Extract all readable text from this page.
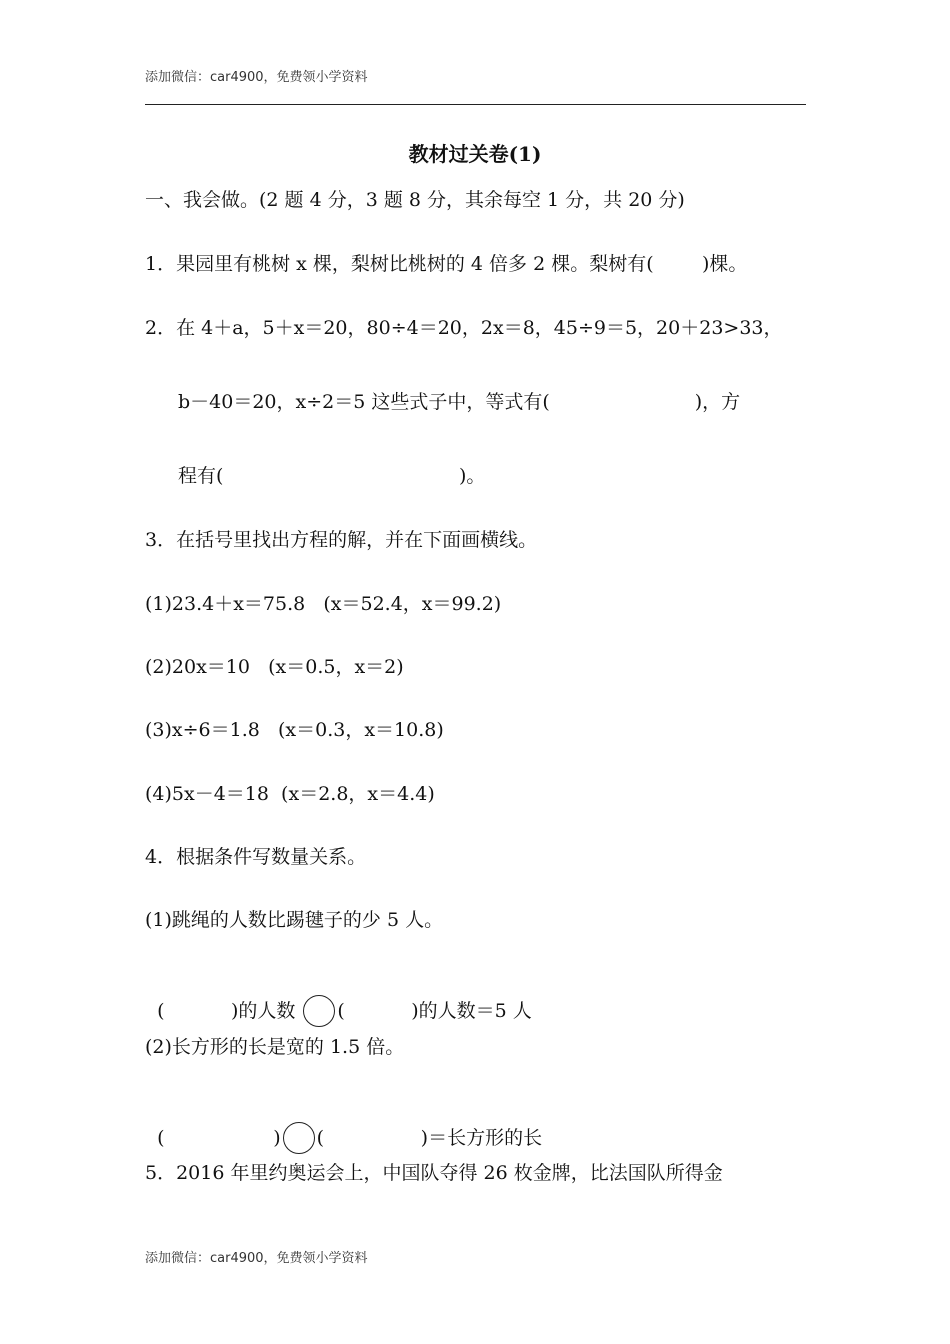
添加微信：car4900，免费领小学资料
教材过关卷(1)
一、我会做。(2 题 4 分，3 题 8 分，其余每空 1 分，共 20 分)
1．果园里有桃树 x 棵，梨树比桃树的 4 倍多 2 棵。梨树有(        )棵。
2．在 4＋a，5＋x＝20，80÷4＝20，2x＝8，45÷9＝5，20＋23>33，
b－40＝20，x÷2＝5 这些式子中，等式有(                        )，方
程有(                                       )。
3．在括号里找出方程的解，并在下面画横线。
(1)23.4＋x＝75.8   (x＝52.4，x＝99.2)
(2)20x＝10   (x＝0.5，x＝2)
(3)x÷6＝1.8   (x＝0.3，x＝10.8)
(4)5x－4＝18  (x＝2.8，x＝4.4)
4．根据条件写数量关系。
(1)跳绳的人数比踢毽子的少 5 人。

(           )的人数 (           )的人数＝5 人

(2)长方形的长是宽的 1.5 倍。

(                  ) (                )＝长方形的长

5．2016 年里约奥运会上，中国队夺得 26 枚金牌，比法国队所得金
添加微信：car4900，免费领小学资料
